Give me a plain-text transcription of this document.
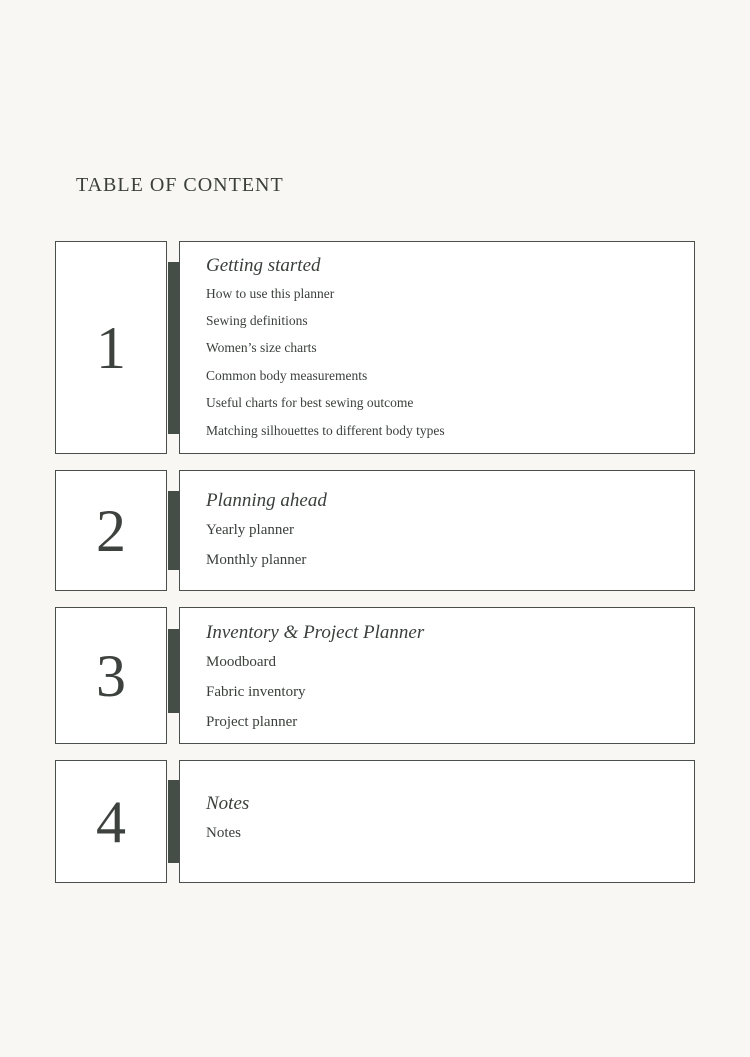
TABLE OF CONTENT
1
Getting started
How to use this planner
Sewing definitions
Women’s size charts
Common body measurements
Useful charts for best sewing outcome
Matching silhouettes to different body types
2	Planning ahead
Yearly planner
Monthly planner
3
Inventory & Project Planner
Moodboard
Fabric inventory
Project planner
4	Notes
Notes
